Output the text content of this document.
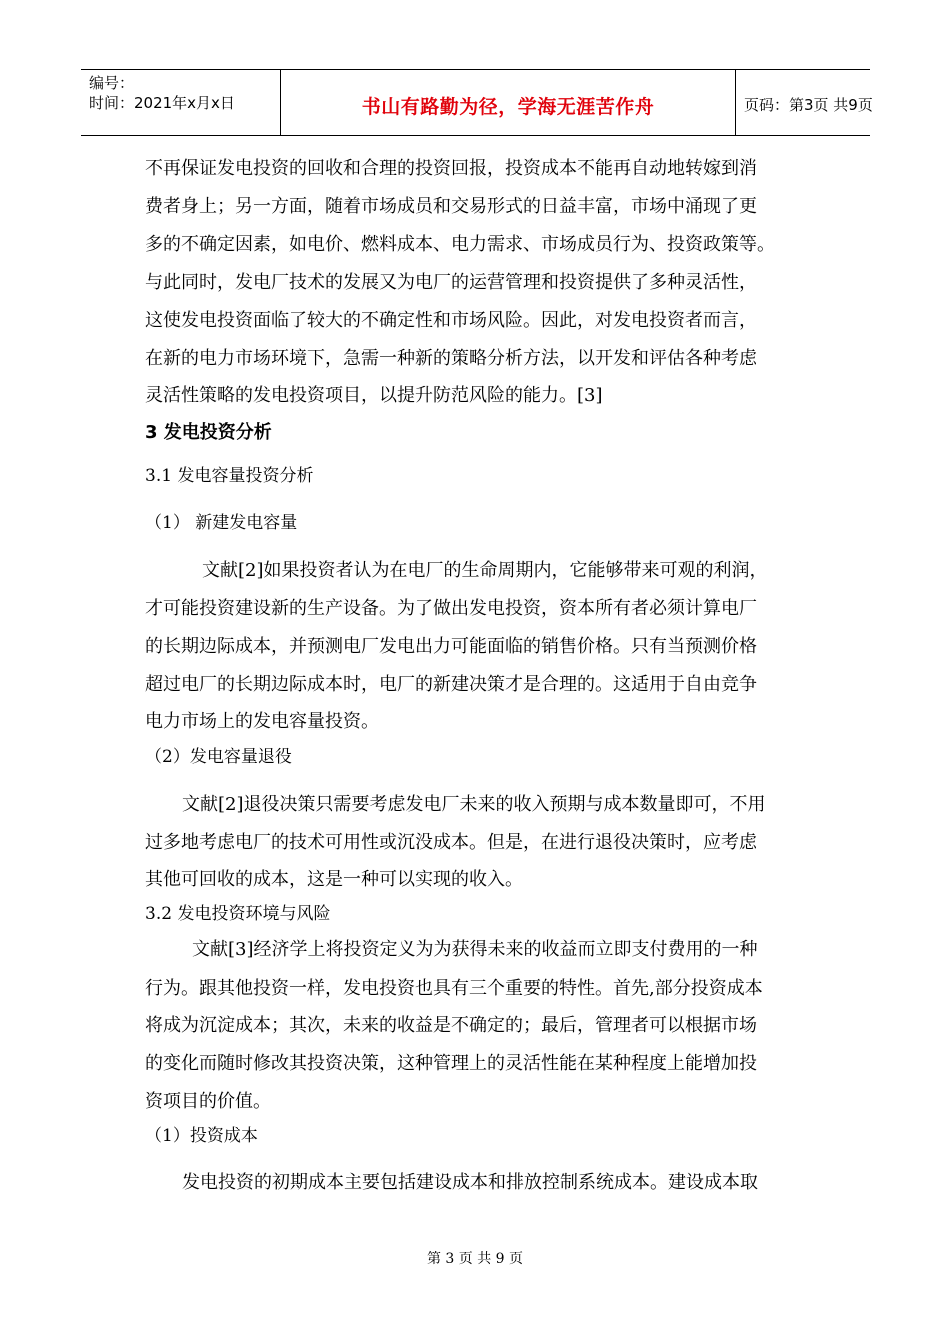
编号：
时间：2021年x月x日	书山有路勤为径，学海无涯苦作舟	页码：第3页 共9页
不再保证发电投资的回收和合理的投资回报，投资成本不能再自动地转嫁到消
费者身上；另一方面，随着市场成员和交易形式的日益丰富，市场中涌现了更
多的不确定因素，如电价、燃料成本、电力需求、市场成员行为、投资政策等。
与此同时，发电厂技术的发展又为电厂的运营管理和投资提供了多种灵活性，
这使发电投资面临了较大的不确定性和市场风险。因此，对发电投资者而言，
在新的电力市场环境下，急需一种新的策略分析方法，以开发和评估各种考虑
灵活性策略的发电投资项目，以提升防范风险的能力。[3]
3 发电投资分析
3.1 发电容量投资分析
（1） 新建发电容量
文献[2]如果投资者认为在电厂的生命周期内，它能够带来可观的利润，
才可能投资建设新的生产设备。为了做出发电投资，资本所有者必须计算电厂
的长期边际成本，并预测电厂发电出力可能面临的销售价格。只有当预测价格
超过电厂的长期边际成本时，电厂的新建决策才是合理的。这适用于自由竞争
电力市场上的发电容量投资。
（2）发电容量退役
文献[2]退役决策只需要考虑发电厂未来的收入预期与成本数量即可，不用
过多地考虑电厂的技术可用性或沉没成本。但是，在进行退役决策时，应考虑
其他可回收的成本，这是一种可以实现的收入。
3.2 发电投资环境与风险
文献[3]经济学上将投资定义为为获得未来的收益而立即支付费用的一种
行为。跟其他投资一样，发电投资也具有三个重要的特性。首先,部分投资成本
将成为沉淀成本；其次，未来的收益是不确定的；最后，管理者可以根据市场
的变化而随时修改其投资决策，这种管理上的灵活性能在某种程度上能增加投
资项目的价值。
（1）投资成本
发电投资的初期成本主要包括建设成本和排放控制系统成本。建设成本取
第 3 页 共 9 页
